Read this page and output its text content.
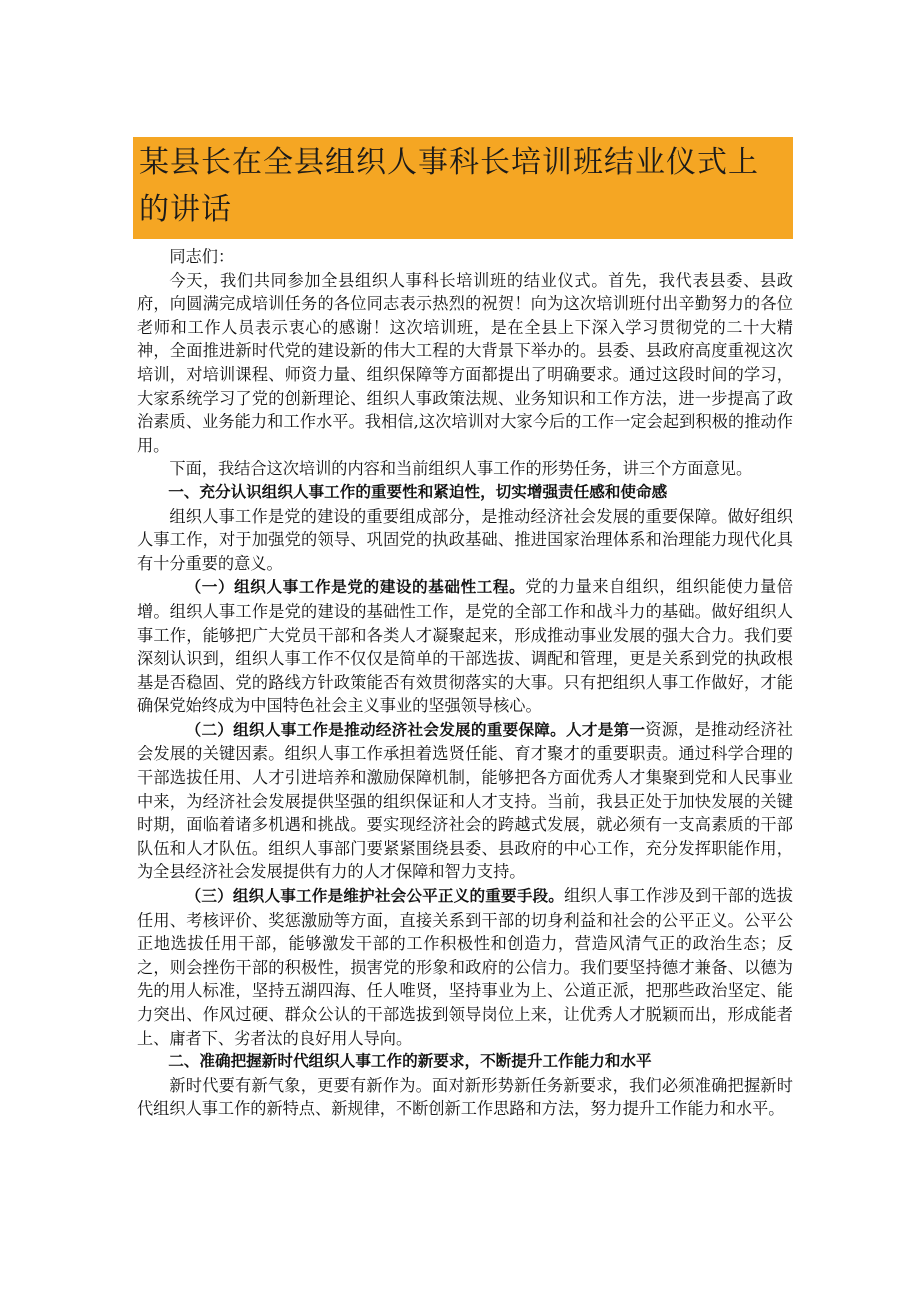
某县长在全县组织人事科长培训班结业仪式上的讲话

同志们：

今天，我们共同参加全县组织人事科长培训班的结业仪式。首先，我代表县委、县政府，向圆满完成培训任务的各位同志表示热烈的祝贺！向为这次培训班付出辛勤努力的各位老师和工作人员表示衷心的感谢！这次培训班，是在全县上下深入学习贯彻党的二十大精神，全面推进新时代党的建设新的伟大工程的大背景下举办的。县委、县政府高度重视这次培训，对培训课程、师资力量、组织保障等方面都提出了明确要求。通过这段时间的学习，大家系统学习了党的创新理论、组织人事政策法规、业务知识和工作方法，进一步提高了政治素质、业务能力和工作水平。我相信,这次培训对大家今后的工作一定会起到积极的推动作用。

下面，我结合这次培训的内容和当前组织人事工作的形势任务，讲三个方面意见。

一、充分认识组织人事工作的重要性和紧迫性，切实增强责任感和使命感

组织人事工作是党的建设的重要组成部分，是推动经济社会发展的重要保障。做好组织人事工作，对于加强党的领导、巩固党的执政基础、推进国家治理体系和治理能力现代化具有十分重要的意义。

（一）组织人事工作是党的建设的基础性工程。党的力量来自组织，组织能使力量倍增。组织人事工作是党的建设的基础性工作，是党的全部工作和战斗力的基础。做好组织人事工作，能够把广大党员干部和各类人才凝聚起来，形成推动事业发展的强大合力。我们要深刻认识到，组织人事工作不仅仅是简单的干部选拔、调配和管理，更是关系到党的执政根基是否稳固、党的路线方针政策能否有效贯彻落实的大事。只有把组织人事工作做好，才能确保党始终成为中国特色社会主义事业的坚强领导核心。

（二）组织人事工作是推动经济社会发展的重要保障。人才是第一资源，是推动经济社会发展的关键因素。组织人事工作承担着选贤任能、育才聚才的重要职责。通过科学合理的干部选拔任用、人才引进培养和激励保障机制，能够把各方面优秀人才集聚到党和人民事业中来，为经济社会发展提供坚强的组织保证和人才支持。当前，我县正处于加快发展的关键时期，面临着诸多机遇和挑战。要实现经济社会的跨越式发展，就必须有一支高素质的干部队伍和人才队伍。组织人事部门要紧紧围绕县委、县政府的中心工作，充分发挥职能作用，为全县经济社会发展提供有力的人才保障和智力支持。

（三）组织人事工作是维护社会公平正义的重要手段。组织人事工作涉及到干部的选拔任用、考核评价、奖惩激励等方面，直接关系到干部的切身利益和社会的公平正义。公平公正地选拔任用干部，能够激发干部的工作积极性和创造力，营造风清气正的政治生态；反之，则会挫伤干部的积极性，损害党的形象和政府的公信力。我们要坚持德才兼备、以德为先的用人标准，坚持五湖四海、任人唯贤，坚持事业为上、公道正派，把那些政治坚定、能力突出、作风过硬、群众公认的干部选拔到领导岗位上来，让优秀人才脱颖而出，形成能者上、庸者下、劣者汰的良好用人导向。

二、准确把握新时代组织人事工作的新要求，不断提升工作能力和水平

新时代要有新气象，更要有新作为。面对新形势新任务新要求，我们必须准确把握新时代组织人事工作的新特点、新规律，不断创新工作思路和方法，努力提升工作能力和水平。
